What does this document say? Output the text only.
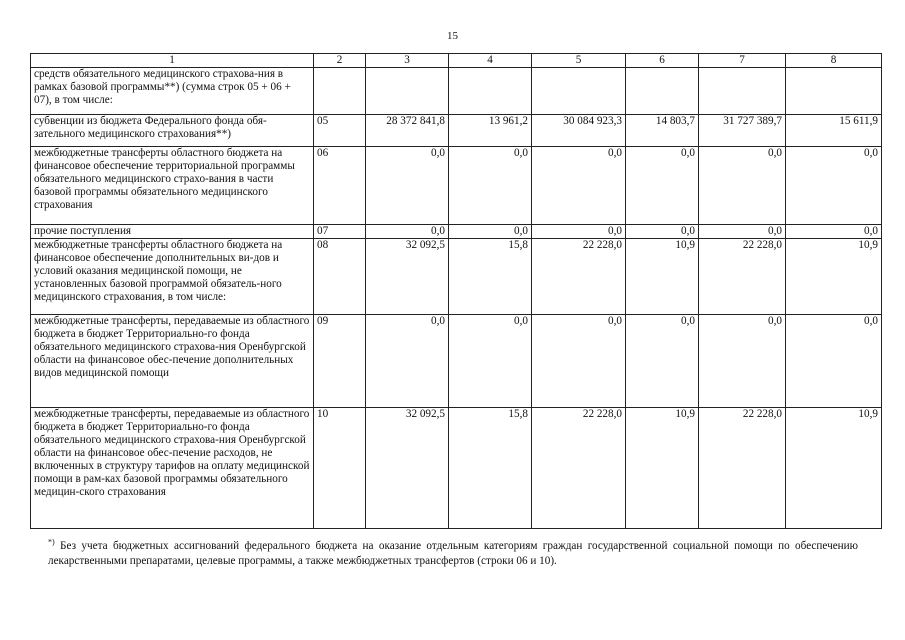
15
1	2	3	4	5	6	7	8
средств обязательного медицинского страхова-ния в рамках базовой программы**) (сумма строк 05 + 06 + 07), в том числе:							
субвенции из бюджета Федерального фонда обя-зательного медицинского страхования**)	05	28 372 841,8	13 961,2	30 084 923,3	14 803,7	31 727 389,7	15 611,9
межбюджетные трансферты областного бюджета на финансовое обеспечение территориальной программы обязательного медицинского страхо-вания в части базовой программы обязательного медицинского страхования	06	0,0	0,0	0,0	0,0	0,0	0,0
прочие поступления	07	0,0	0,0	0,0	0,0	0,0	0,0
межбюджетные трансферты областного бюджета на финансовое обеспечение дополнительных ви-дов и условий оказания медицинской помощи, не установленных базовой программой обязатель-ного медицинского страхования, в том числе:	08	32 092,5	15,8	22 228,0	10,9	22 228,0	10,9
межбюджетные трансферты, передаваемые из областного бюджета в бюджет Территориально-го фонда обязательного медицинского страхова-ния Оренбургской области на финансовое обес-печение дополнительных видов медицинской помощи	09	0,0	0,0	0,0	0,0	0,0	0,0
межбюджетные трансферты, передаваемые из областного бюджета в бюджет Территориально-го фонда обязательного медицинского страхова-ния Оренбургской области на финансовое обес-печение расходов, не включенных в структуру тарифов на оплату медицинской помощи в рам-ках базовой программы обязательного медицин-ского страхования	10	32 092,5	15,8	22 228,0	10,9	22 228,0	10,9
*) Без учета бюджетных ассигнований федерального бюджета на оказание отдельным категориям граждан государственной социальной помощи по обеспечению лекарственными препаратами, целевые программы, а также межбюджетных трансфертов (строки 06 и 10).
